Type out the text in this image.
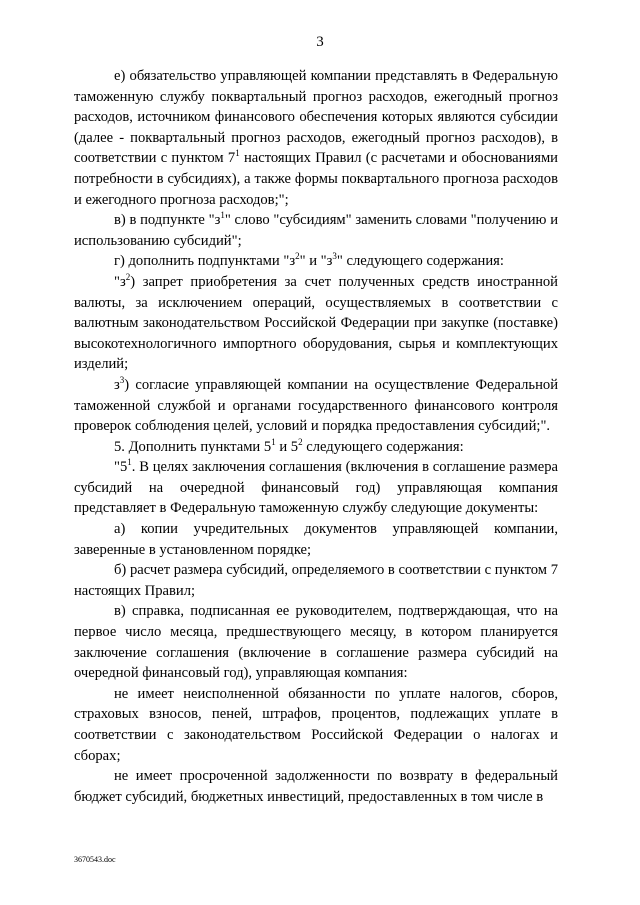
3

е) обязательство управляющей компании представлять в Федеральную таможенную службу поквартальный прогноз расходов, ежегодный прогноз расходов, источником финансового обеспечения которых являются субсидии (далее - поквартальный прогноз расходов, ежегодный прогноз расходов), в соответствии с пунктом $7^1$ настоящих Правил (с расчетами и обоснованиями потребности в субсидиях), а также формы поквартального прогноза расходов и ежегодного прогноза расходов;";

в) в подпункте "$з^1$" слово "субсидиям" заменить словами "получению и использованию субсидий";

г) дополнить подпунктами "$з^2$" и "$з^3$" следующего содержания:

"$з^2$) запрет приобретения за счет полученных средств иностранной валюты, за исключением операций, осуществляемых в соответствии с валютным законодательством Российской Федерации при закупке (поставке) высокотехнологичного импортного оборудования, сырья и комплектующих изделий;

$з^3$) согласие управляющей компании на осуществление Федеральной таможенной службой и органами государственного финансового контроля проверок соблюдения целей, условий и порядка предоставления субсидий;".

5. Дополнить пунктами $5^1$ и $5^2$ следующего содержания:

"$5^1$. В целях заключения соглашения (включения в соглашение размера субсидий на очередной финансовый год) управляющая компания представляет в Федеральную таможенную службу следующие документы:

а) копии учредительных документов управляющей компании, заверенные в установленном порядке;

б) расчет размера субсидий, определяемого в соответствии с пунктом 7 настоящих Правил;

в) справка, подписанная ее руководителем, подтверждающая, что на первое число месяца, предшествующего месяцу, в котором планируется заключение соглашения (включение в соглашение размера субсидий на очередной финансовый год), управляющая компания:

не имеет неисполненной обязанности по уплате налогов, сборов, страховых взносов, пеней, штрафов, процентов, подлежащих уплате в соответствии с законодательством Российской Федерации о налогах и сборах;

не имеет просроченной задолженности по возврату в федеральный бюджет субсидий, бюджетных инвестиций, предоставленных в том числе в

3670543.doc
